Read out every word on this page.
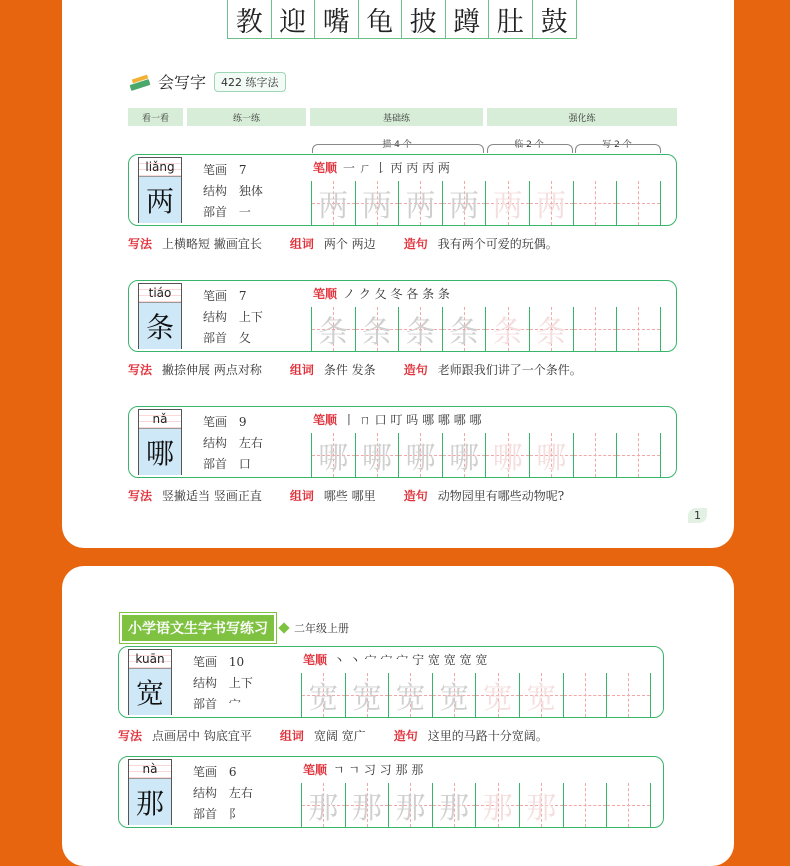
教 迎 嘴 龟 披 蹲 肚 鼓
会写字	422 练字法
看一看	练一练	基础练	强化练
描 4 个	临 2 个	写 2 个
liǎng
两
笔画 7
结构 独体
部首 一
笔顺 一 ㄏ 𠄌 丙 丙 丙 两
两 两 两 两 两 两
写法 上横略短 撇画宜长 组词 两个 两边 造句 我有两个可爱的玩偶。
tiáo
条
笔画 7
结构 上下
部首 夂
笔顺 ノ ク 夂 冬 各 条 条
条 条 条 条 条 条
写法 撇捺伸展 两点对称 组词 条件 发条 造句 老师跟我们讲了一个条件。
nǎ
哪
笔画 9
结构 左右
部首 口
笔顺 丨 ㄇ 口 叮 吗 哪 哪 哪 哪
哪 哪 哪 哪 哪 哪
写法 竖撇适当 竖画正直 组词 哪些 哪里 造句 动物园里有哪些动物呢?
kuān
宽
笔画 10
结构 上下
部首 宀
笔顺 丶 丶 宀 宀 宀 宁 宽 宽 宽 宽
宽 宽 宽 宽 宽 宽
写法 点画居中 钩底宜平 组词 宽阔 宽广 造句 这里的马路十分宽阔。
nà
那
笔画 6
结构 左右
部首 阝
笔顺 ㄱ ㄱ 习 习 那 那
那 那 那 那 那 那
1
小学语文生字书写练习	二年级上册
